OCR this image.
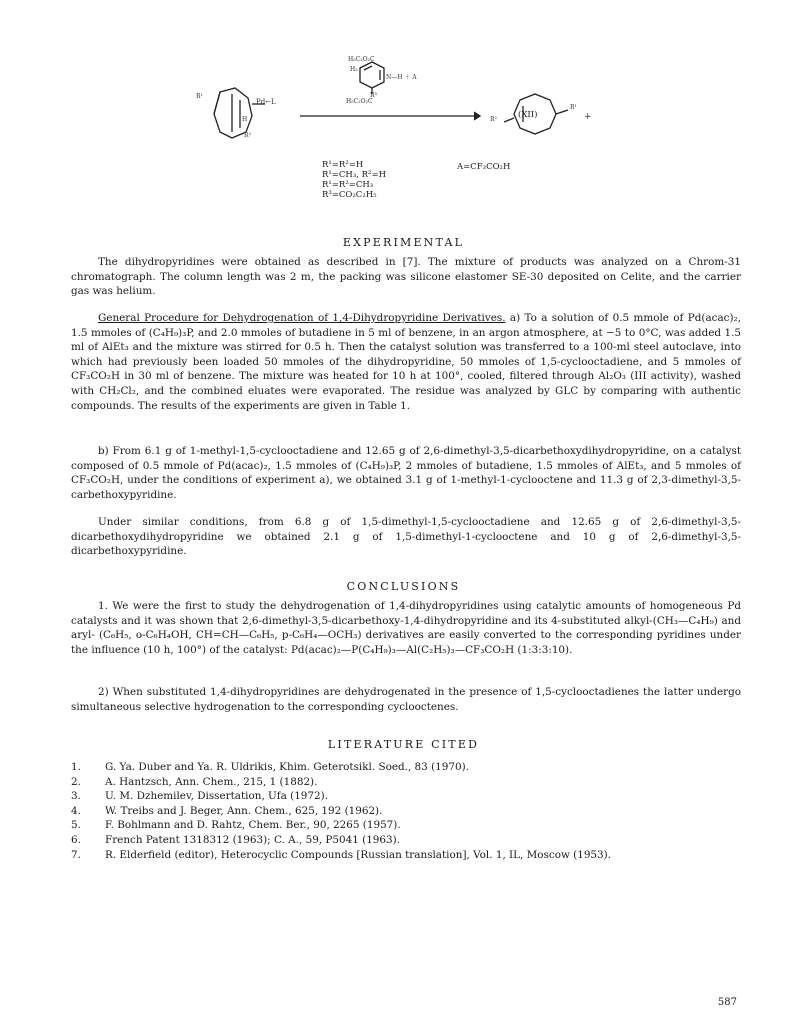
R¹
Pd←L
H
R²
H₅C₂O₂C
H₃
N—H ＋ A
R³
H₅C₂O₂C
R²
R¹
+
(XII)
R¹=R²=H
R¹=CH₃, R²=H
R¹=R²=CH₃
R³=CO₂C₂H₅
A=CF₃CO₂H
EXPERIMENTAL

The dihydropyridines were obtained as described in [7]. The mixture of products was analyzed on a Chrom-31 chromatograph. The column length was 2 m, the packing was silicone elastomer SE-30 deposited on Celite, and the carrier gas was helium.

General Procedure for Dehydrogenation of 1,4-Dihydropyridine Derivatives. a) To a solution of 0.5 mmole of Pd(acac)₂, 1.5 mmoles of (C₄H₉)₃P, and 2.0 mmoles of butadiene in 5 ml of benzene, in an argon atmosphere, at −5 to 0°C, was added 1.5 ml of AlEt₃ and the mixture was stirred for 0.5 h. Then the catalyst solution was transferred to a 100-ml steel autoclave, into which had previously been loaded 50 mmoles of the dihydropyridine, 50 mmoles of 1,5-cyclooctadiene, and 5 mmoles of CF₃CO₂H in 30 ml of benzene. The mixture was heated for 10 h at 100°, cooled, filtered through Al₂O₃ (III activity), washed with CH₂Cl₂, and the combined eluates were evaporated. The residue was analyzed by GLC by comparing with authentic compounds. The results of the experiments are given in Table 1.

b) From 6.1 g of 1-methyl-1,5-cyclooctadiene and 12.65 g of 2,6-dimethyl-3,5-dicarbethoxydihydropyridine, on a catalyst composed of 0.5 mmole of Pd(acac)₂, 1.5 mmoles of (C₄H₉)₃P, 2 mmoles of butadiene, 1.5 mmoles of AlEt₃, and 5 mmoles of CF₃CO₂H, under the conditions of experiment a), we obtained 3.1 g of 1-methyl-1-cyclooctene and 11.3 g of 2,3-dimethyl-3,5-carbethoxypyridine.

Under similar conditions, from 6.8 g of 1,5-dimethyl-1,5-cyclooctadiene and 12.65 g of 2,6-dimethyl-3,5-dicarbethoxydihydropyridine we obtained 2.1 g of 1,5-dimethyl-1-cyclooctene and 10 g of 2,6-dimethyl-3,5-dicarbethoxypyridine.

CONCLUSIONS

1. We were the first to study the dehydrogenation of 1,4-dihydropyridines using catalytic amounts of homogeneous Pd catalysts and it was shown that 2,6-dimethyl-3,5-dicarbethoxy-1,4-dihydropyridine and its 4-substituted alkyl-(CH₃—C₄H₉) and aryl- (C₆H₅, o-C₆H₄OH, CH=CH—C₆H₅, p-C₆H₄—OCH₃) derivatives are easily converted to the corresponding pyridines under the influence (10 h, 100°) of the catalyst: Pd(acac)₂—P(C₄H₉)₃—Al(C₂H₅)₃—CF₃CO₂H (1:3:3:10).

2) When substituted 1,4-dihydropyridines are dehydrogenated in the presence of 1,5-cyclooctadienes the latter undergo simultaneous selective hydrogenation to the corresponding cyclooctenes.

LITERATURE CITED
1.	G. Ya. Duber and Ya. R. Uldrikis, Khim. Geterotsikl. Soed., 83 (1970).
2.	A. Hantzsch, Ann. Chem., 215, 1 (1882).
3.	U. M. Dzhemilev, Dissertation, Ufa (1972).
4.	W. Treibs and J. Beger, Ann. Chem., 625, 192 (1962).
5.	F. Bohlmann and D. Rahtz, Chem. Ber., 90, 2265 (1957).
6.	French Patent 1318312 (1963); C. A., 59, P5041 (1963).
7.	R. Elderfield (editor), Heterocyclic Compounds [Russian translation], Vol. 1, IL, Moscow (1953).
587
